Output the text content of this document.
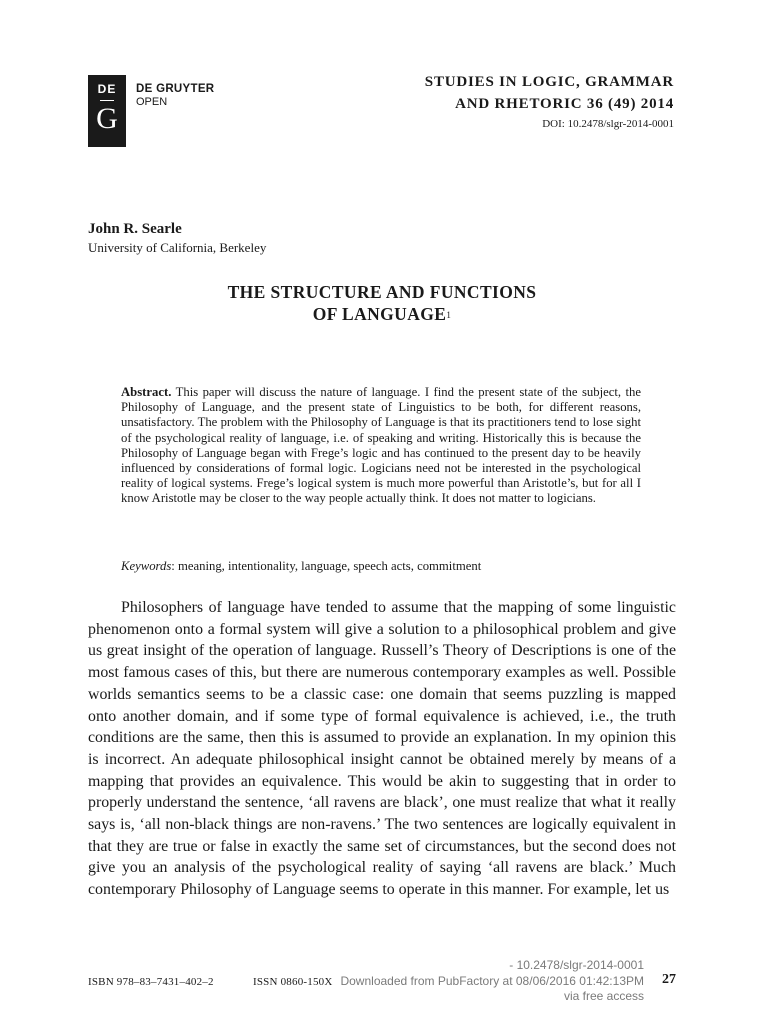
DE
G
DE GRUYTER
OPEN
STUDIES IN LOGIC, GRAMMAR
AND RHETORIC 36 (49) 2014
DOI: 10.2478/slgr-2014-0001
John R. Searle
University of California, Berkeley
THE STRUCTURE AND FUNCTIONS
OF LANGUAGE$^1$
Abstract. This paper will discuss the nature of language. I find the present state of the subject, the Philosophy of Language, and the present state of Linguistics to be both, for different reasons, unsatisfactory. The problem with the Philosophy of Language is that its practitioners tend to lose sight of the psychological reality of language, i.e. of speaking and writing. Historically this is because the Philosophy of Language began with Frege’s logic and has continued to the present day to be heavily influenced by considerations of formal logic. Logicians need not be interested in the psychological reality of logical systems. Frege’s logical system is much more powerful than Aristotle’s, but for all I know Aristotle may be closer to the way people actually think. It does not matter to logicians.
Keywords: meaning, intentionality, language, speech acts, commitment
Philosophers of language have tended to assume that the mapping of some linguistic phenomenon onto a formal system will give a solution to a philosophical problem and give us great insight of the operation of language. Russell’s Theory of Descriptions is one of the most famous cases of this, but there are numerous contemporary examples as well. Possible worlds semantics seems to be a classic case: one domain that seems puzzling is mapped onto another domain, and if some type of formal equivalence is achieved, i.e., the truth conditions are the same, then this is assumed to provide an explanation. In my opinion this is incorrect. An adequate philosophical insight cannot be obtained merely by means of a mapping that provides an equivalence. This would be akin to suggesting that in order to properly understand the sentence, ‘all ravens are black’, one must realize that what it really says is, ‘all non-black things are non-ravens.’ The two sentences are logically equivalent in that they are true or false in exactly the same set of circumstances, but the second does not give you an analysis of the psychological reality of saying ‘all ravens are black.’ Much contemporary Philosophy of Language seems to operate in this manner. For example, let us
ISBN 978–83–7431–402–2	ISSN 0860-150X	27
- 10.2478/slgr-2014-0001
Downloaded from PubFactory at 08/06/2016 01:42:13PM
via free access
